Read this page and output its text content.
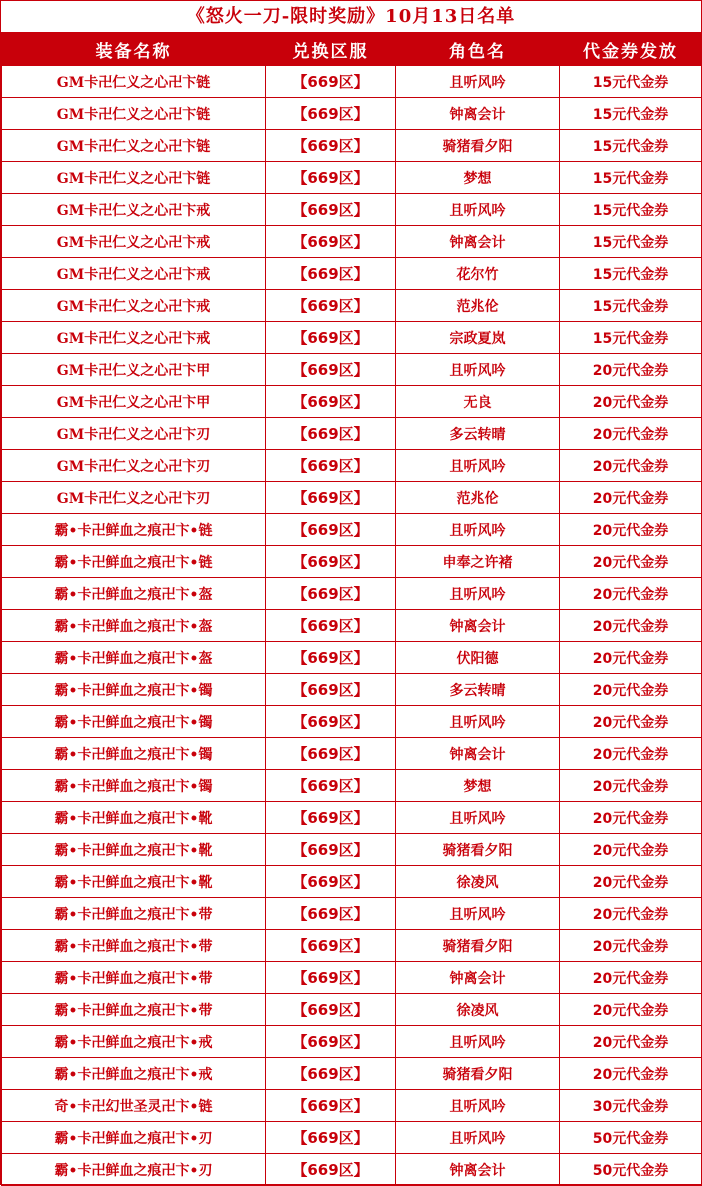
《怒火一刀-限时奖励》10月13日名单
装备名称	兑换区服	角色名	代金券发放
GM卡卍仁义之心卍卞链	【669区】	且听风吟	15元代金券
GM卡卍仁义之心卍卞链	【669区】	钟离会计	15元代金券
GM卡卍仁义之心卍卞链	【669区】	骑猪看夕阳	15元代金券
GM卡卍仁义之心卍卞链	【669区】	梦想	15元代金券
GM卡卍仁义之心卍卞戒	【669区】	且听风吟	15元代金券
GM卡卍仁义之心卍卞戒	【669区】	钟离会计	15元代金券
GM卡卍仁义之心卍卞戒	【669区】	花尔竹	15元代金券
GM卡卍仁义之心卍卞戒	【669区】	范兆伦	15元代金券
GM卡卍仁义之心卍卞戒	【669区】	宗政夏岚	15元代金券
GM卡卍仁义之心卍卞甲	【669区】	且听风吟	20元代金券
GM卡卍仁义之心卍卞甲	【669区】	无良	20元代金券
GM卡卍仁义之心卍卞刃	【669区】	多云转晴	20元代金券
GM卡卍仁义之心卍卞刃	【669区】	且听风吟	20元代金券
GM卡卍仁义之心卍卞刃	【669区】	范兆伦	20元代金券
霸•卡卍鲜血之痕卍卞•链	【669区】	且听风吟	20元代金券
霸•卡卍鲜血之痕卍卞•链	【669区】	申奉之许褚	20元代金券
霸•卡卍鲜血之痕卍卞•盔	【669区】	且听风吟	20元代金券
霸•卡卍鲜血之痕卍卞•盔	【669区】	钟离会计	20元代金券
霸•卡卍鲜血之痕卍卞•盔	【669区】	伏阳德	20元代金券
霸•卡卍鲜血之痕卍卞•镯	【669区】	多云转晴	20元代金券
霸•卡卍鲜血之痕卍卞•镯	【669区】	且听风吟	20元代金券
霸•卡卍鲜血之痕卍卞•镯	【669区】	钟离会计	20元代金券
霸•卡卍鲜血之痕卍卞•镯	【669区】	梦想	20元代金券
霸•卡卍鲜血之痕卍卞•靴	【669区】	且听风吟	20元代金券
霸•卡卍鲜血之痕卍卞•靴	【669区】	骑猪看夕阳	20元代金券
霸•卡卍鲜血之痕卍卞•靴	【669区】	徐凌风	20元代金券
霸•卡卍鲜血之痕卍卞•带	【669区】	且听风吟	20元代金券
霸•卡卍鲜血之痕卍卞•带	【669区】	骑猪看夕阳	20元代金券
霸•卡卍鲜血之痕卍卞•带	【669区】	钟离会计	20元代金券
霸•卡卍鲜血之痕卍卞•带	【669区】	徐凌风	20元代金券
霸•卡卍鲜血之痕卍卞•戒	【669区】	且听风吟	20元代金券
霸•卡卍鲜血之痕卍卞•戒	【669区】	骑猪看夕阳	20元代金券
奇•卡卍幻世圣灵卍卞•链	【669区】	且听风吟	30元代金券
霸•卡卍鲜血之痕卍卞•刃	【669区】	且听风吟	50元代金券
霸•卡卍鲜血之痕卍卞•刃	【669区】	钟离会计	50元代金券
